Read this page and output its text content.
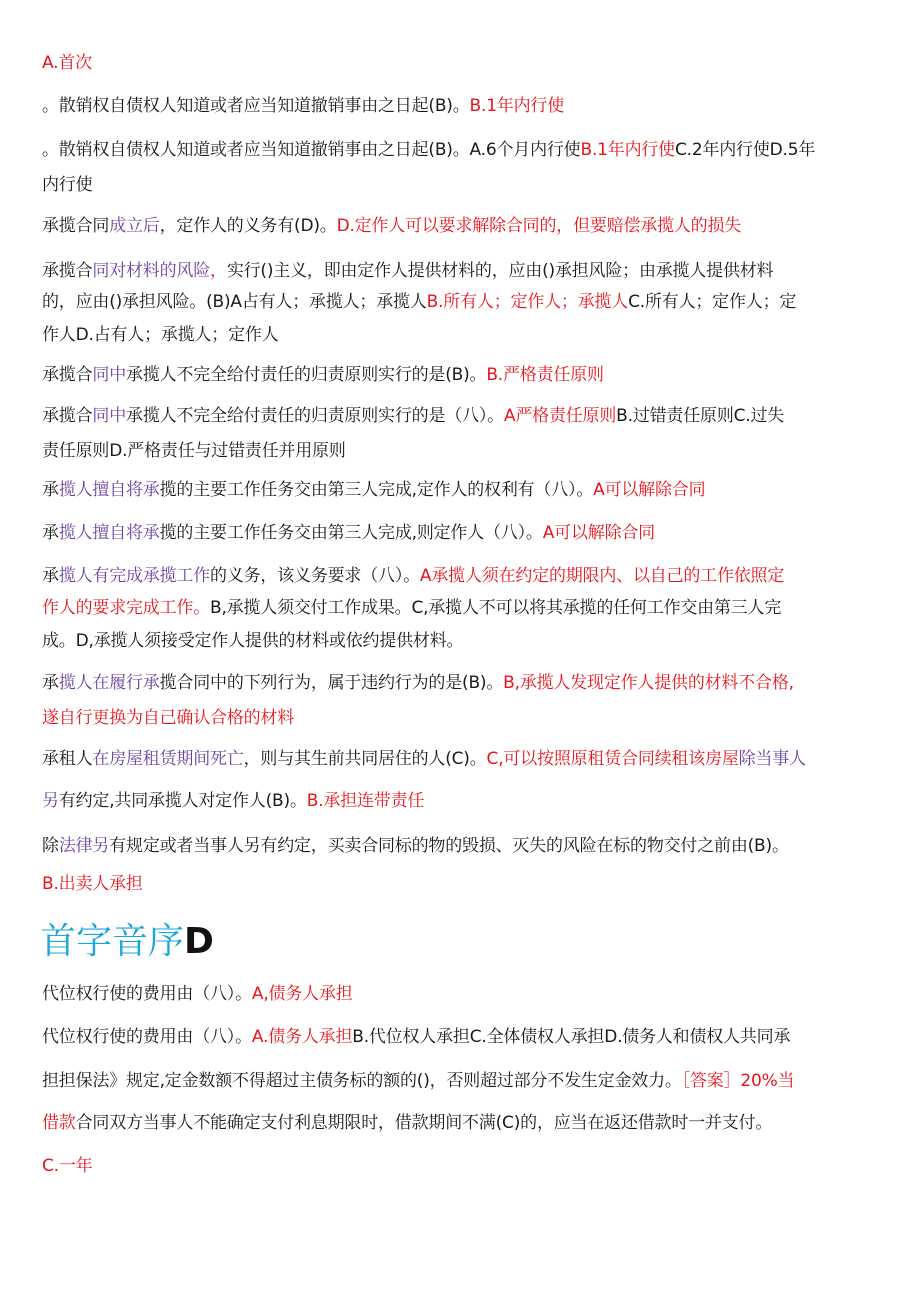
A.首次

。散销权自债权人知道或者应当知道撤销事由之日起(B)。B.1年内行使

。散销权自债权人知道或者应当知道撤销事由之日起(B)。A.6个月内行使B.1年内行使C.2年内行使D.5年

内行使

承揽合同成立后，定作人的义务有(D)。D.定作人可以要求解除合同的，但要赔偿承揽人的损失

承揽合同对材料的风险，实行()主义，即由定作人提供材料的，应由()承担风险；由承揽人提供材料

的，应由()承担风险。(B)A占有人；承揽人；承揽人B.所有人；定作人；承揽人C.所有人；定作人；定

作人D.占有人；承揽人；定作人

承揽合同中承揽人不完全给付责任的归责原则实行的是(B)。B.严格责任原则

承揽合同中承揽人不完全给付责任的归责原则实行的是（八）。A严格责任原则B.过错责任原则C.过失

责任原则D.严格责任与过错责任并用原则

承揽人擅自将承揽的主要工作任务交由第三人完成,定作人的权利有（八）。A可以解除合同

承揽人擅自将承揽的主要工作任务交由第三人完成,则定作人（八）。A可以解除合同

承揽人有完成承揽工作的义务，该义务要求（八）。A承揽人须在约定的期限内、以自己的工作依照定

作人的要求完成工作。B,承揽人须交付工作成果。C,承揽人不可以将其承揽的任何工作交由第三人完

成。D,承揽人须接受定作人提供的材料或依约提供材料。

承揽人在履行承揽合同中的下列行为，属于违约行为的是(B)。B,承揽人发现定作人提供的材料不合格,

遂自行更换为自己确认合格的材料

承租人在房屋租赁期间死亡，则与其生前共同居住的人(C)。C,可以按照原租赁合同续租该房屋除当事人

另有约定,共同承揽人对定作人(B)。B.承担连带责任

除法律另有规定或者当事人另有约定，买卖合同标的物的毁损、灭失的风险在标的物交付之前由(B)。

B.出卖人承担

首字音序D

代位权行使的费用由（八）。A,债务人承担

代位权行使的费用由（八）。A.债务人承担B.代位权人承担C.全体债权人承担D.债务人和债权人共同承

担担保法》规定,定金数额不得超过主债务标的额的()，否则超过部分不发生定金效力。［答案］20%当

借款合同双方当事人不能确定支付利息期限时，借款期间不满(C)的，应当在返还借款时一并支付。

C.一年
